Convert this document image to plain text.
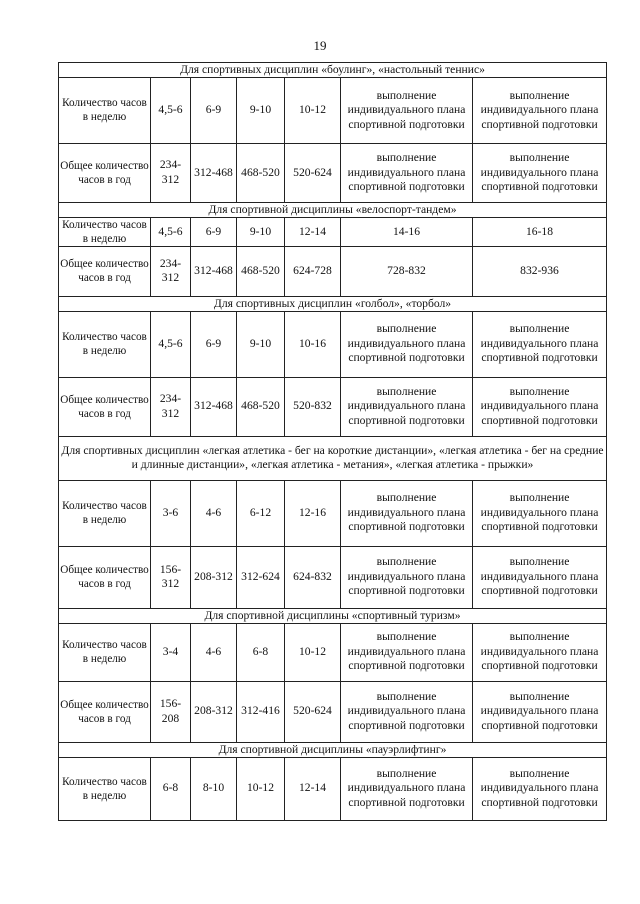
19
Для спортивных дисциплин «боулинг», «настольный теннис»						
Количество часов в неделю	4,5-6	6-9	9-10	10-12	выполнение индивидуального плана спортивной подготовки	выполнение индивидуального плана спортивной подготовки
Общее количество часов в год	234-312	312-468	468-520	520-624	выполнение индивидуального плана спортивной подготовки	выполнение индивидуального плана спортивной подготовки
Для спортивной дисциплины «велоспорт-тандем»						
Количество часов в неделю	4,5-6	6-9	9-10	12-14	14-16	16-18
Общее количество часов в год	234-312	312-468	468-520	624-728	728-832	832-936
Для спортивных дисциплин «голбол», «торбол»						
Количество часов в неделю	4,5-6	6-9	9-10	10-16	выполнение индивидуального плана спортивной подготовки	выполнение индивидуального плана спортивной подготовки
Общее количество часов в год	234-312	312-468	468-520	520-832	выполнение индивидуального плана спортивной подготовки	выполнение индивидуального плана спортивной подготовки
Для спортивных дисциплин «легкая атлетика - бег на короткие дистанции», «легкая атлетика - бег на средние и длинные дистанции», «легкая атлетика - метания», «легкая атлетика - прыжки»						
Количество часов в неделю	3-6	4-6	6-12	12-16	выполнение индивидуального плана спортивной подготовки	выполнение индивидуального плана спортивной подготовки
Общее количество часов в год	156-312	208-312	312-624	624-832	выполнение индивидуального плана спортивной подготовки	выполнение индивидуального плана спортивной подготовки
Для спортивной дисциплины «спортивный туризм»						
Количество часов в неделю	3-4	4-6	6-8	10-12	выполнение индивидуального плана спортивной подготовки	выполнение индивидуального плана спортивной подготовки
Общее количество часов в год	156-208	208-312	312-416	520-624	выполнение индивидуального плана спортивной подготовки	выполнение индивидуального плана спортивной подготовки
Для спортивной дисциплины «пауэрлифтинг»						
Количество часов в неделю	6-8	8-10	10-12	12-14	выполнение индивидуального плана спортивной подготовки	выполнение индивидуального плана спортивной подготовки
